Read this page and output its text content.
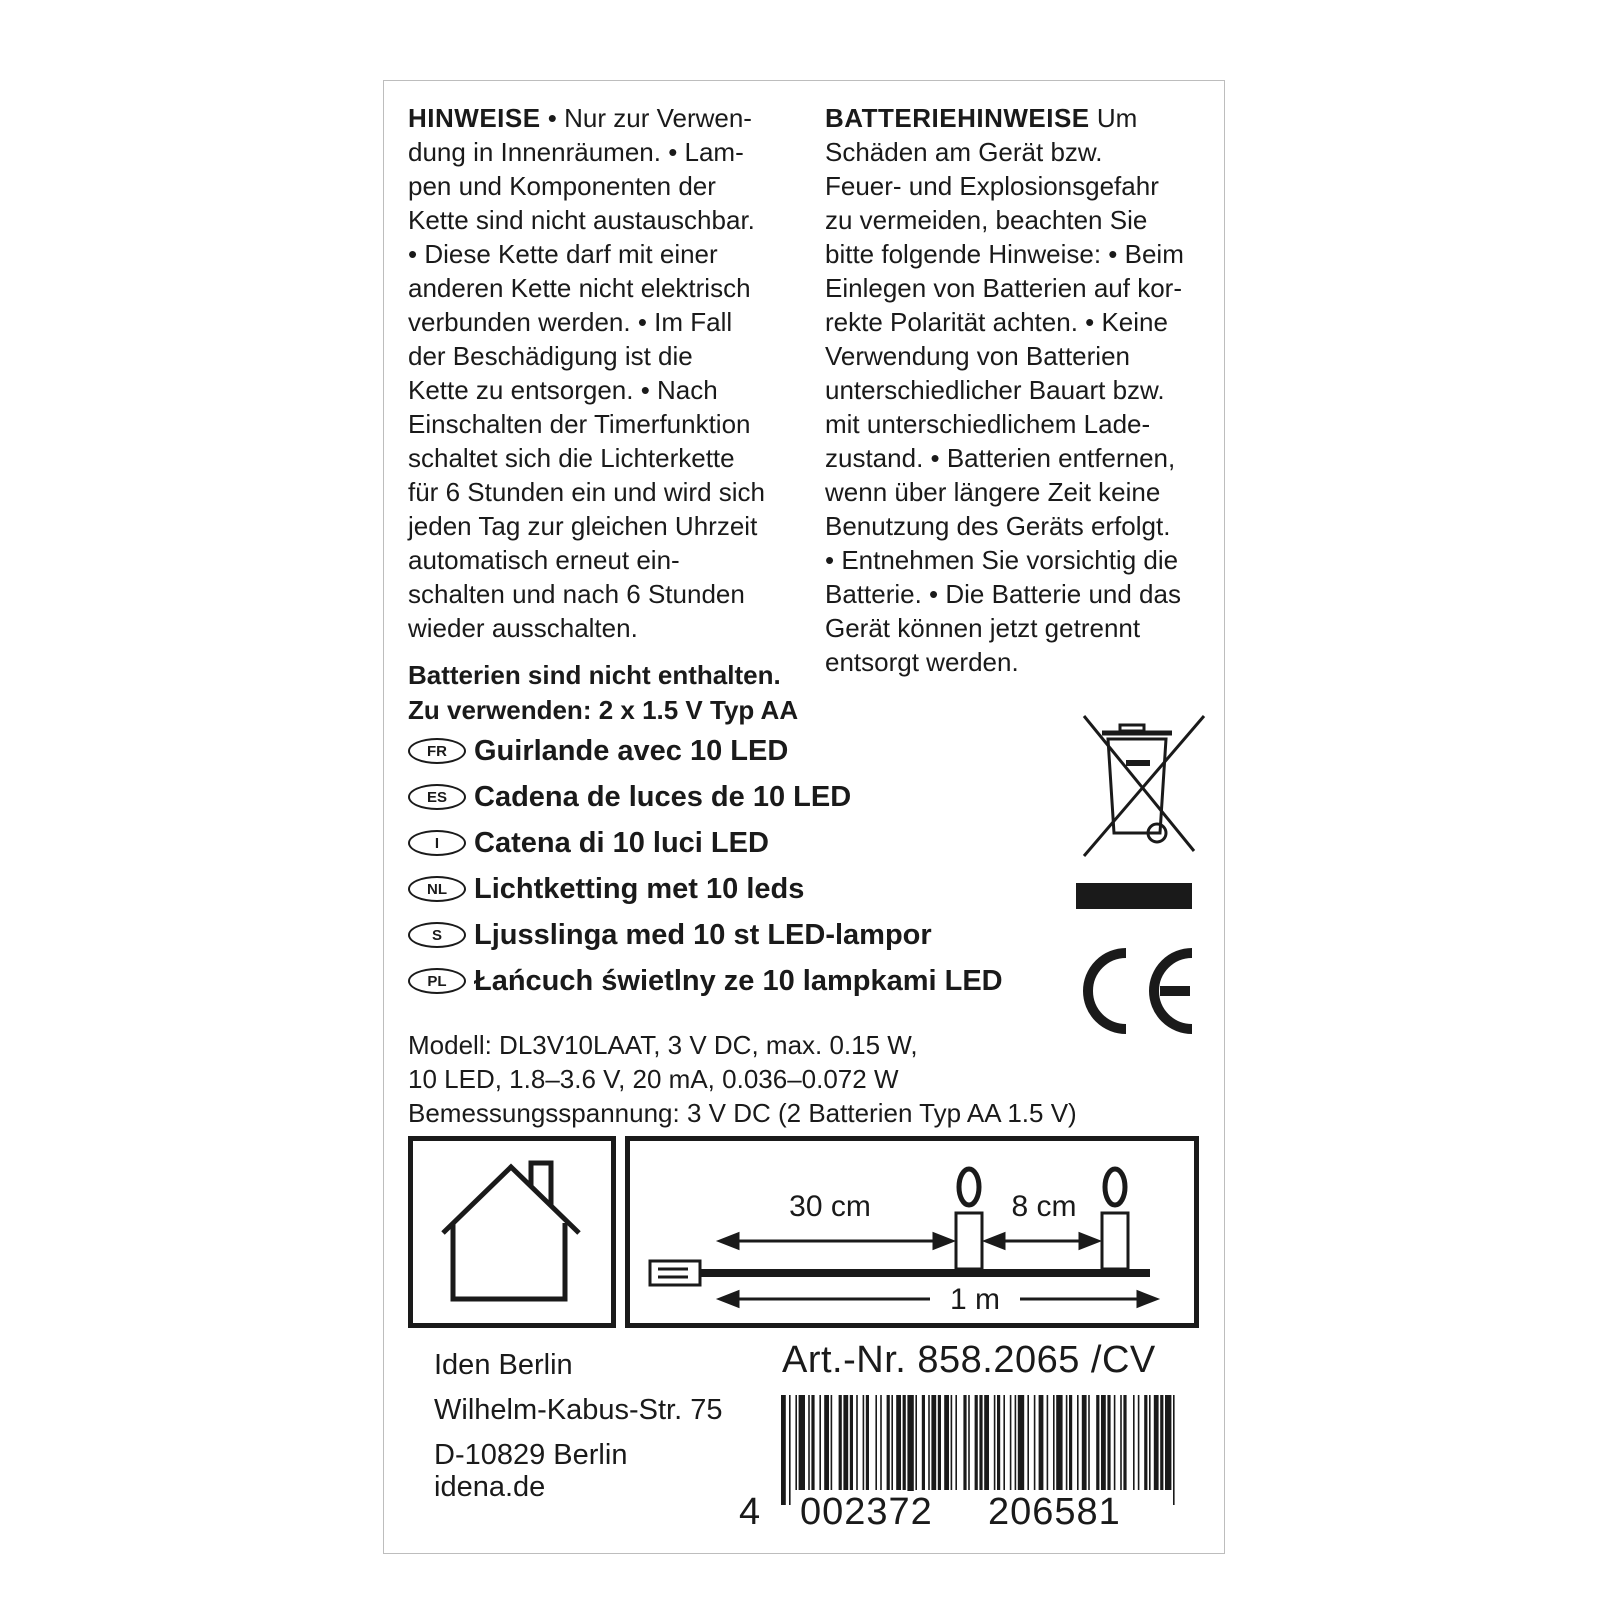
HINWEISE • Nur zur Verwen-

dung in Innenräumen. • Lam-

pen und Komponenten der

Kette sind nicht austauschbar.

• Diese Kette darf mit einer

anderen Kette nicht elektrisch

verbunden werden. • Im Fall

der Beschädigung ist die

Kette zu entsorgen. • Nach

Einschalten der Timerfunktion

schaltet sich die Lichterkette

für 6 Stunden ein und wird sich

jeden Tag zur gleichen Uhrzeit

automatisch erneut ein-

schalten und nach 6 Stunden

wieder ausschalten.

BATTERIEHINWEISE Um

Schäden am Gerät bzw.

Feuer- und Explosionsgefahr

zu vermeiden, beachten Sie

bitte folgende Hinweise: • Beim

Einlegen von Batterien auf kor-

rekte Polarität achten. • Keine

Verwendung von Batterien

unterschiedlicher Bauart bzw.

mit unterschiedlichem Lade-

zustand. • Batterien entfernen,

wenn über längere Zeit keine

Benutzung des Geräts erfolgt.

• Entnehmen Sie vorsichtig die

Batterie. • Die Batterie und das

Gerät können jetzt getrennt

entsorgt werden.

Batterien sind nicht enthalten.
Zu verwenden: 2 x 1.5 V Typ AA
FR Guirlande avec 10 LED
ES Cadena de luces de 10 LED
I	Catena di 10 luci LED
NL Lichtketting met 10 leds
S	Ljusslinga med 10 st LED-lampor
PL Łańcuch świetlny ze 10 lampkami LED
Modell: DL3V10LAAT, 3 V DC, max. 0.15 W,
10 LED, 1.8–3.6 V, 20 mA, 0.036–0.072 W
Bemessungsspannung: 3 V DC (2 Batterien Typ AA 1.5 V)
30 cm	8 cm
1 m
Iden Berlin
Wilhelm-Kabus-Str. 75
D-10829 Berlin
idena.de
Art.-Nr. 858.2065 /CV
4 002372 206581
